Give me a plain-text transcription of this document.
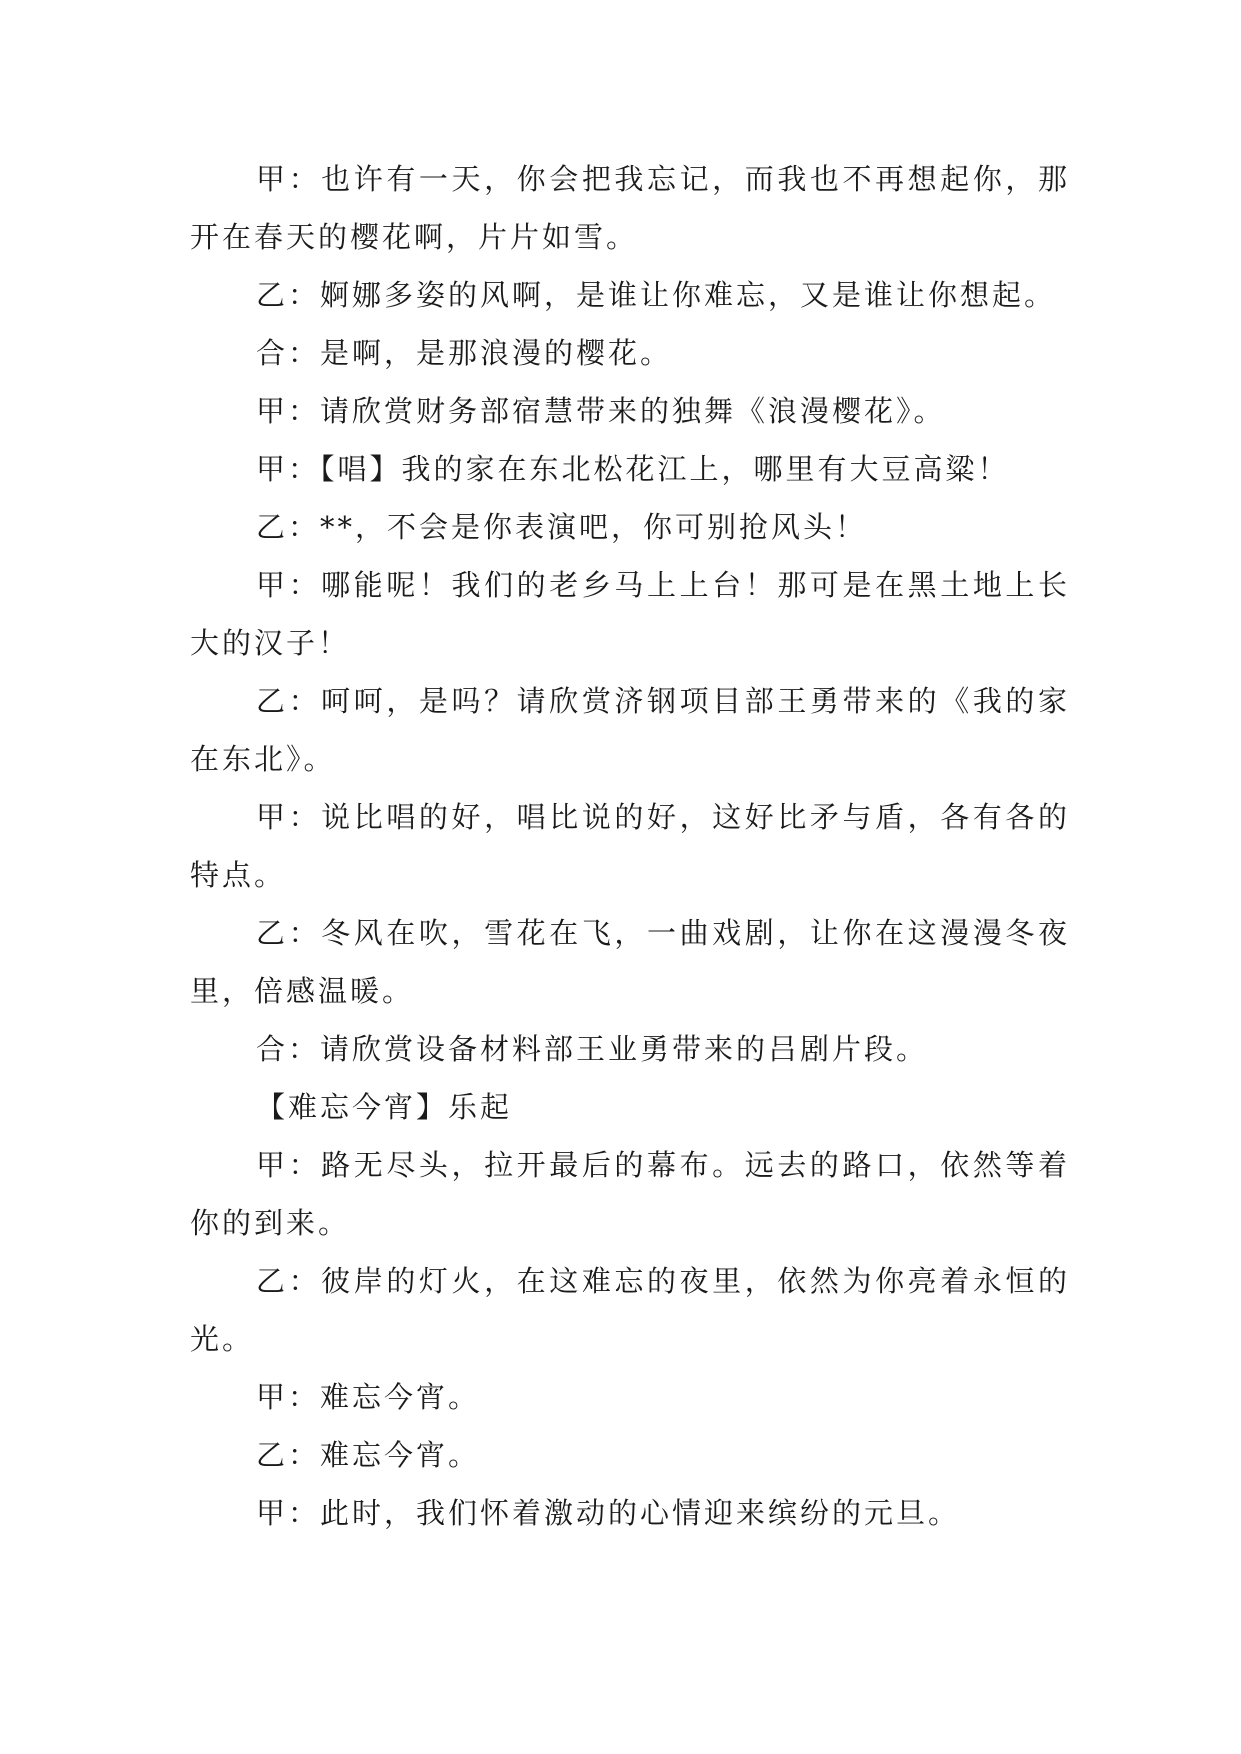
甲：也许有一天，你会把我忘记，而我也不再想起你，那开在春天的樱花啊，片片如雪。

乙：婀娜多姿的风啊，是谁让你难忘，又是谁让你想起。

合：是啊，是那浪漫的樱花。

甲：请欣赏财务部宿慧带来的独舞《浪漫樱花》。

甲：【唱】我的家在东北松花江上，哪里有大豆高粱！

乙：**，不会是你表演吧，你可别抢风头！

甲：哪能呢！我们的老乡马上上台！那可是在黑土地上长大的汉子！

乙：呵呵，是吗？请欣赏济钢项目部王勇带来的《我的家在东北》。

甲：说比唱的好，唱比说的好，这好比矛与盾，各有各的特点。

乙：冬风在吹，雪花在飞，一曲戏剧，让你在这漫漫冬夜里，倍感温暖。

合：请欣赏设备材料部王业勇带来的吕剧片段。

【难忘今宵】乐起

甲：路无尽头，拉开最后的幕布。远去的路口，依然等着你的到来。

乙：彼岸的灯火，在这难忘的夜里，依然为你亮着永恒的光。

甲：难忘今宵。

乙：难忘今宵。

甲：此时，我们怀着激动的心情迎来缤纷的元旦。
